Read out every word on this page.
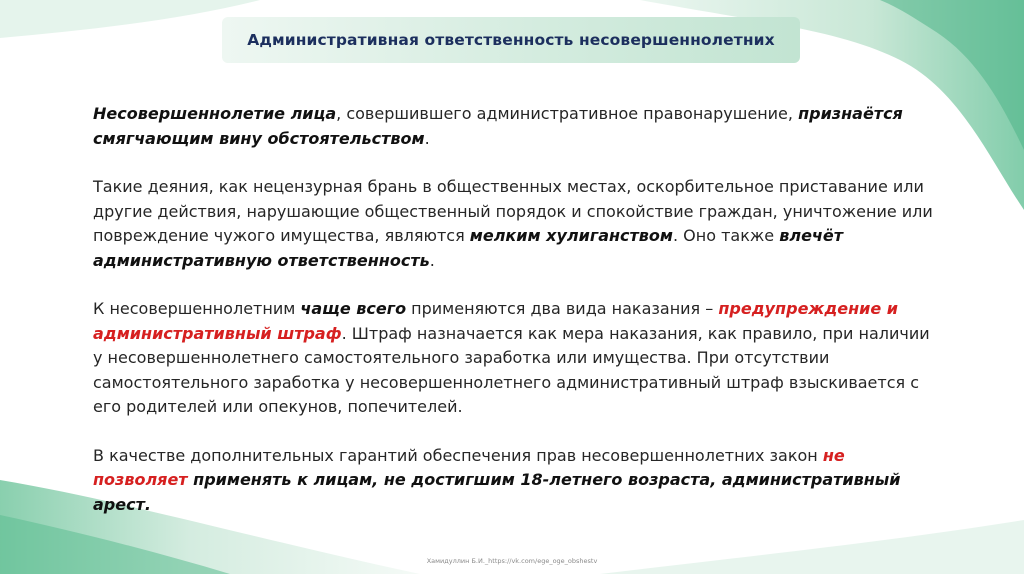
Административная ответственность несовершеннолетних

Несовершеннолетие лица, совершившего административное правонарушение, признаётся смягчающим вину обстоятельством.

Такие деяния, как нецензурная брань в общественных местах, оскорбительное приставание или другие действия, нарушающие общественный порядок и спокойствие граждан, уничтожение или повреждение чужого имущества, являются мелким хулиганством. Оно также влечёт административную ответственность.

К несовершеннолетним чаще всего применяются два вида наказания – предупреждение и административный штраф. Штраф назначается как мера наказания, как правило, при наличии у несовершеннолетнего самостоятельного заработка или имущества. При отсутствии самостоятельного заработка у несовершеннолетнего административный штраф взыскивается с его родителей или опекунов, попечителей.

В качестве дополнительных гарантий обеспечения прав несовершеннолетних закон не позволяет применять к лицам, не достигшим 18-летнего возраста, административный арест.

Хамидуллин Б.И._https://vk.com/ege_oge_obshestv
